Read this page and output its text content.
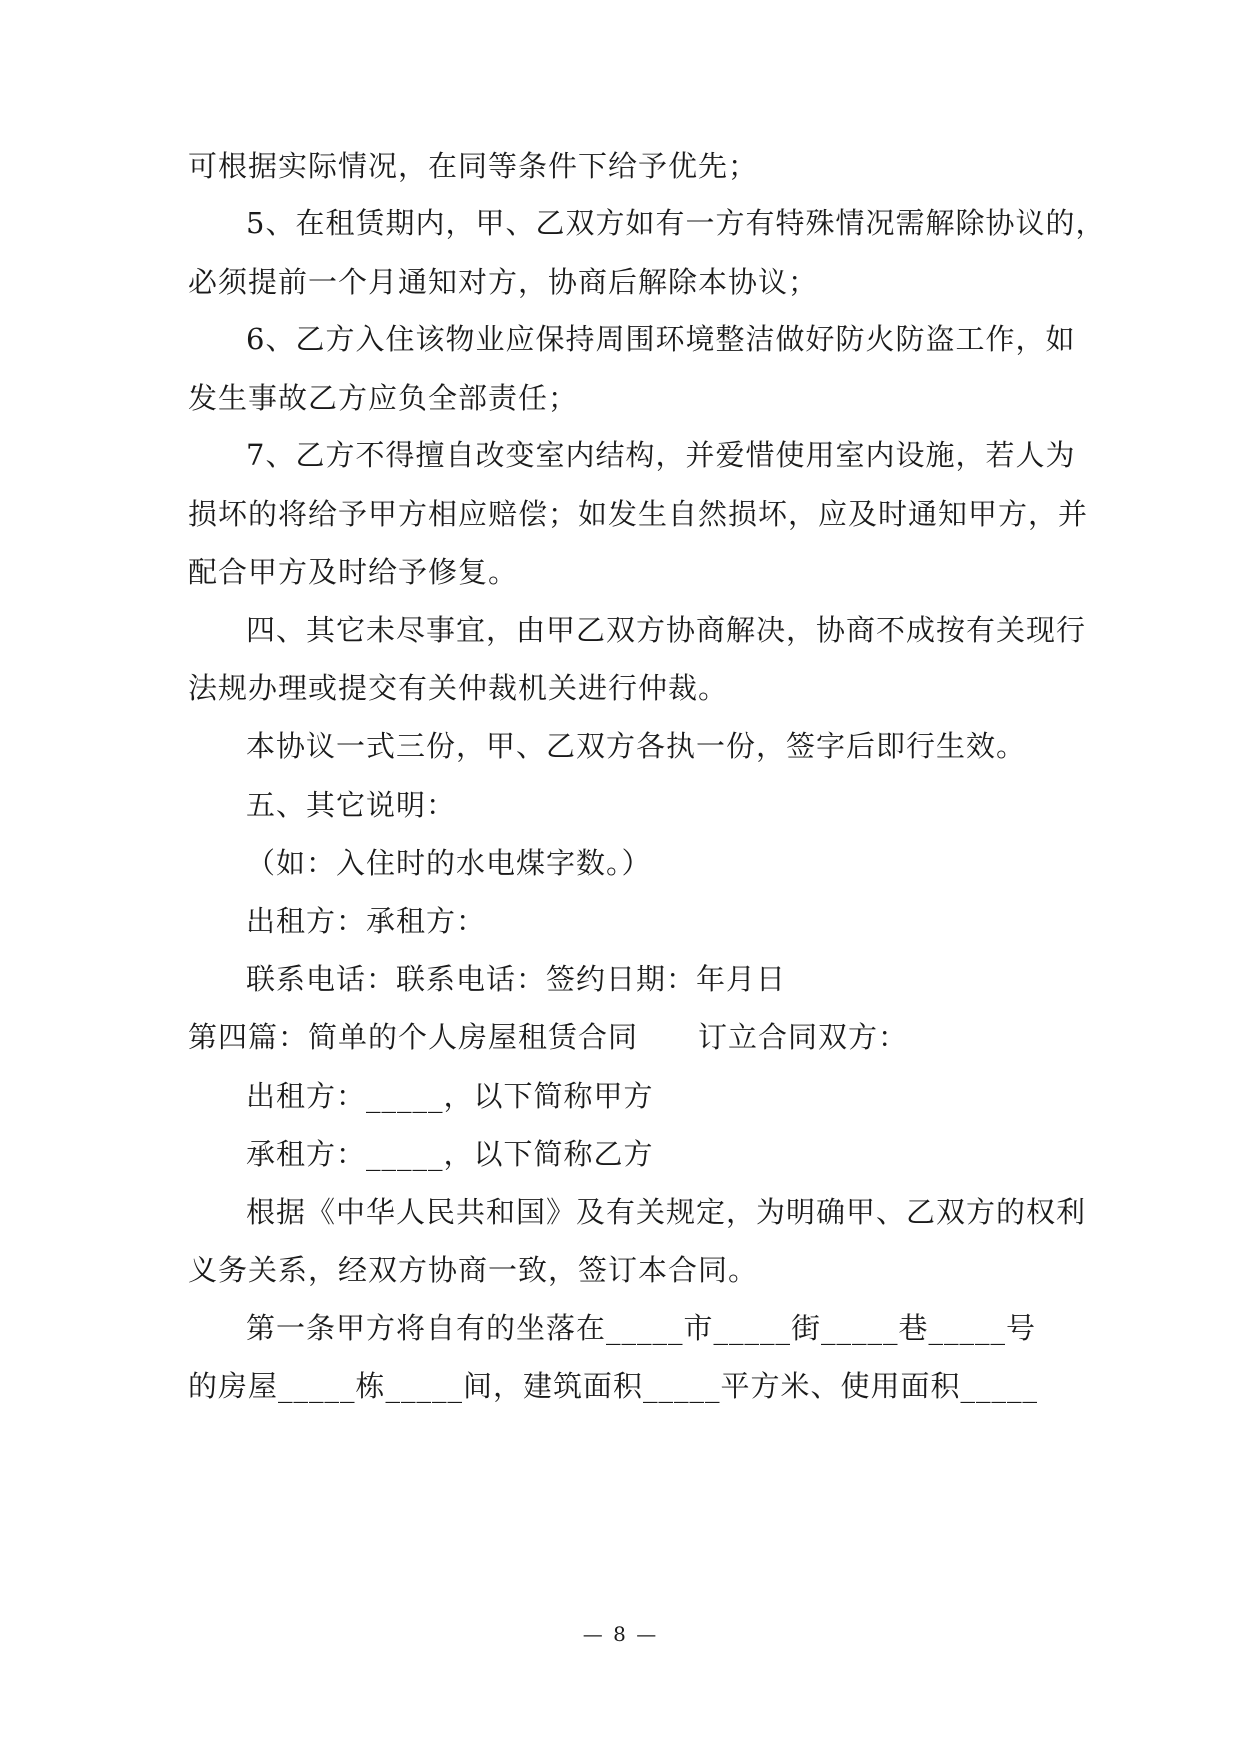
可根据实际情况，在同等条件下给予优先；
5、在租赁期内，甲、乙双方如有一方有特殊情况需解除协议的，
必须提前一个月通知对方，协商后解除本协议；
6、乙方入住该物业应保持周围环境整洁做好防火防盗工作，如
发生事故乙方应负全部责任；
7、乙方不得擅自改变室内结构，并爱惜使用室内设施，若人为
损坏的将给予甲方相应赔偿；如发生自然损坏，应及时通知甲方，并
配合甲方及时给予修复。
四、其它未尽事宜，由甲乙双方协商解决，协商不成按有关现行
法规办理或提交有关仲裁机关进行仲裁。
本协议一式三份，甲、乙双方各执一份，签字后即行生效。
五、其它说明：
（如：入住时的水电煤字数。）
出租方：承租方：
联系电话：联系电话：签约日期：年月日
第四篇：简单的个人房屋租赁合同 订立合同双方：
出租方：_____，以下简称甲方
承租方：_____，以下简称乙方
根据《中华人民共和国》及有关规定，为明确甲、乙双方的权利
义务关系，经双方协商一致，签订本合同。
第一条甲方将自有的坐落在_____市_____街_____巷_____号
的房屋_____栋_____间，建筑面积_____平方米、使用面积_____
— 8 —
